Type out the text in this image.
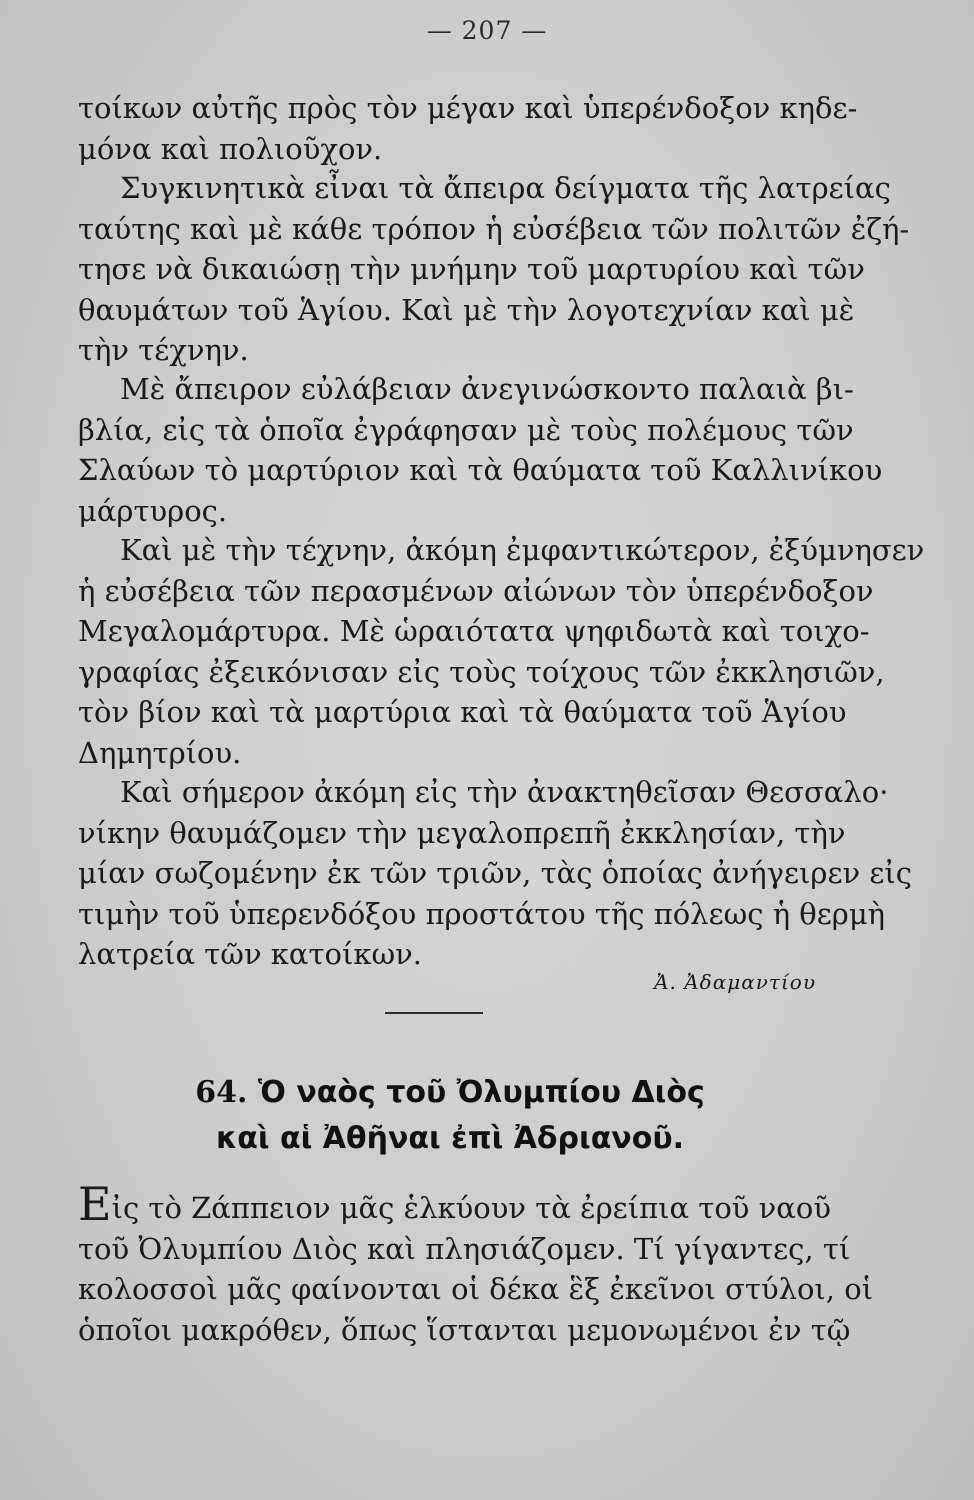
— 207 —
τοίκων αὐτῆς πρὸς τὸν μέγαν καὶ ὑπερένδοξον κηδε-
μόνα καὶ πολιοῦχον.
Συγκινητικὰ εἶναι τὰ ἄπειρα δείγματα τῆς λατρείας
ταύτης καὶ μὲ κάθε τρόπον ἡ εὐσέβεια τῶν πολιτῶν ἐζή-
τησε νὰ δικαιώσῃ τὴν μνήμην τοῦ μαρτυρίου καὶ τῶν
θαυμάτων τοῦ Ἁγίου. Καὶ μὲ τὴν λογοτεχνίαν καὶ μὲ
τὴν τέχνην.
Μὲ ἄπειρον εὐλάβειαν ἀνεγινώσκοντο παλαιὰ βι-
βλία, εἰς τὰ ὁποῖα ἐγράφησαν μὲ τοὺς πολέμους τῶν
Σλαύων τὸ μαρτύριον καὶ τὰ θαύματα τοῦ Καλλινίκου
μάρτυρος.
Καὶ μὲ τὴν τέχνην, ἀκόμη ἐμφαντικώτερον, ἐξύμνησεν
ἡ εὐσέβεια τῶν περασμένων αἰώνων τὸν ὑπερένδοξον
Μεγαλομάρτυρα. Μὲ ὡραιότατα ψηφιδωτὰ καὶ τοιχο-
γραφίας ἐξεικόνισαν εἰς τοὺς τοίχους τῶν ἐκκλησιῶν,
τὸν βίον καὶ τὰ μαρτύρια καὶ τὰ θαύματα τοῦ Ἁγίου
Δημητρίου.
Καὶ σήμερον ἀκόμη εἰς τὴν ἀνακτηθεῖσαν Θεσσαλο·
νίκην θαυμάζομεν τὴν μεγαλοπρεπῆ ἐκκλησίαν, τὴν
μίαν σωζομένην ἐκ τῶν τριῶν, τὰς ὁποίας ἀνήγειρεν εἰς
τιμὴν τοῦ ὑπερενδόξου προστάτου τῆς πόλεως ἡ θερμὴ
λατρεία τῶν κατοίκων.
Ἀ. Ἀδαμαντίου
64. Ὁ ναὸς τοῦ Ὀλυμπίου Διὸς
καὶ αἱ Ἀθῆναι ἐπὶ Ἀδριανοῦ.
Εἰς τὸ Ζάππειον μᾶς ἑλκύουν τὰ ἐρείπια τοῦ ναοῦ
τοῦ Ὀλυμπίου Διὸς καὶ πλησιάζομεν. Τί γίγαντες, τί
κολοσσοὶ μᾶς φαίνονται οἱ δέκα ἓξ ἐκεῖνοι στύλοι, οἱ
ὁποῖοι μακρόθεν, ὅπως ἵστανται μεμονωμένοι ἐν τῷ
